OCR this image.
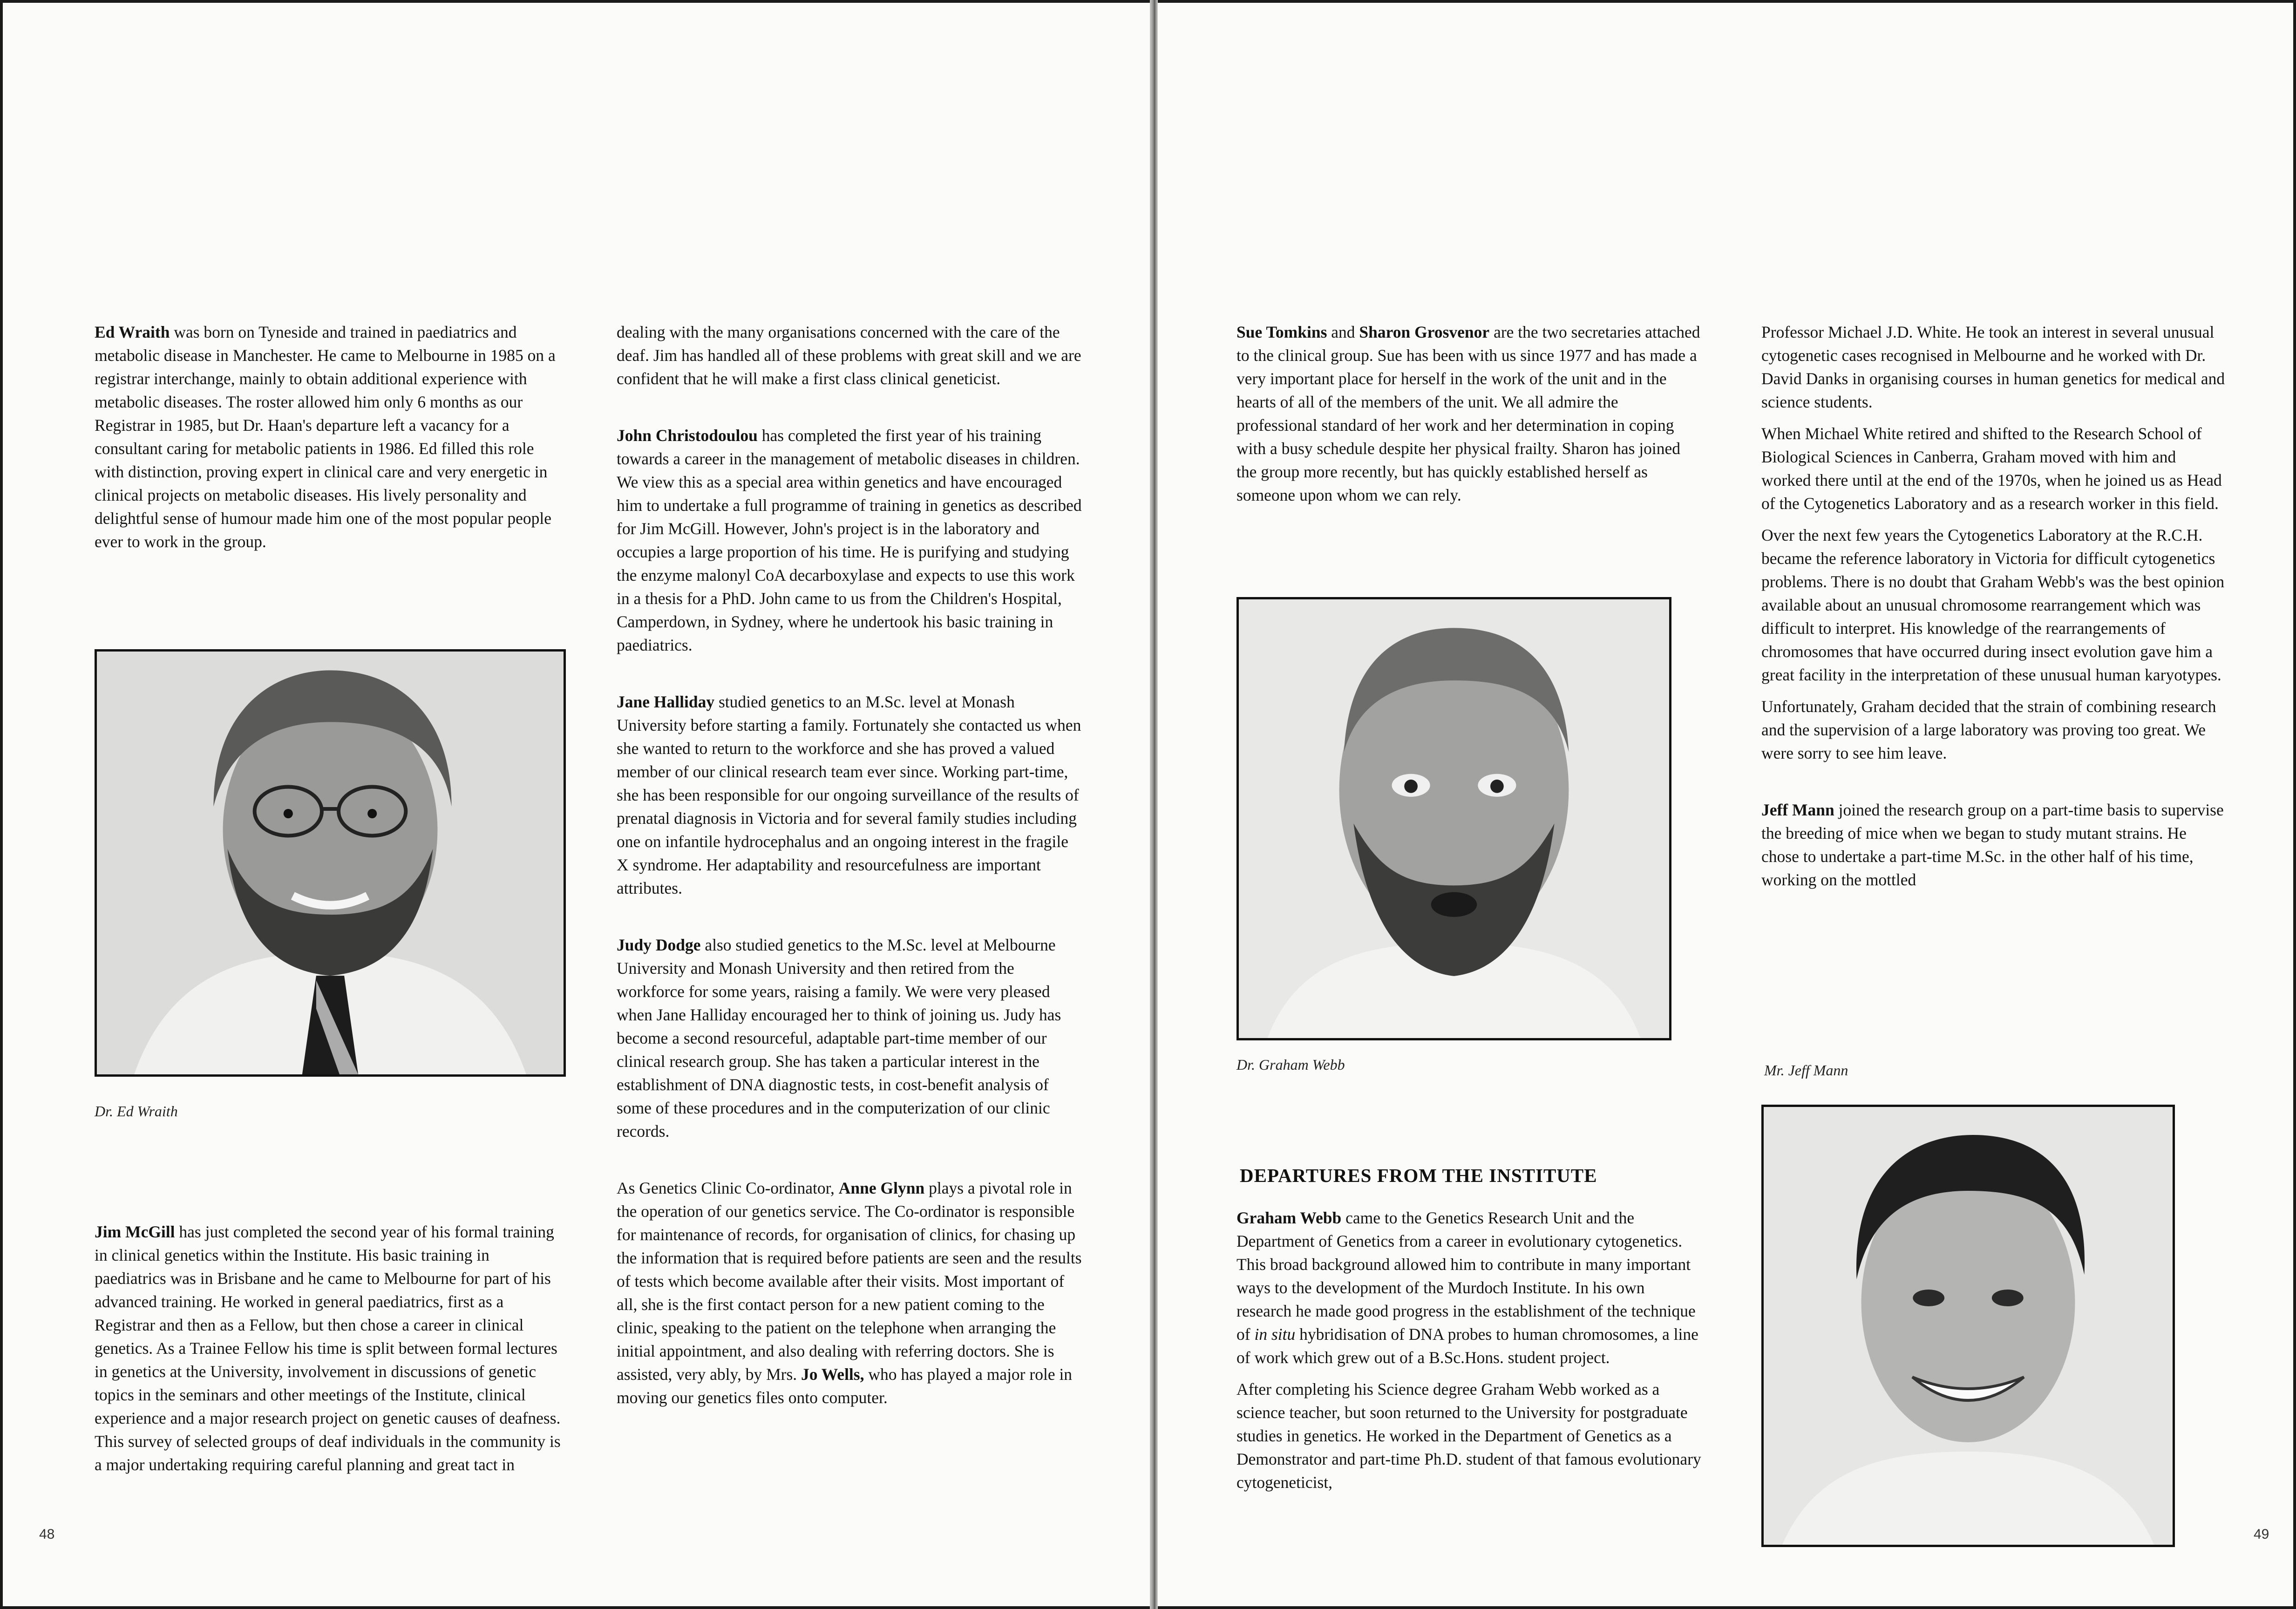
Ed Wraith was born on Tyneside and trained in paediatrics and metabolic disease in Manchester. He came to Melbourne in 1985 on a registrar interchange, mainly to obtain additional experience with metabolic diseases. The roster allowed him only 6 months as our Registrar in 1985, but Dr. Haan's departure left a vacancy for a consultant caring for metabolic patients in 1986. Ed filled this role with distinction, proving expert in clinical care and very energetic in clinical projects on metabolic diseases. His lively personality and delightful sense of humour made him one of the most popular people ever to work in the group.

Dr. Ed Wraith

Jim McGill has just completed the second year of his formal training in clinical genetics within the Institute. His basic training in paediatrics was in Brisbane and he came to Melbourne for part of his advanced training. He worked in general paediatrics, first as a Registrar and then as a Fellow, but then chose a career in clinical genetics. As a Trainee Fellow his time is split between formal lectures in genetics at the University, involvement in discussions of genetic topics in the seminars and other meetings of the Institute, clinical experience and a major research project on genetic causes of deafness. This survey of selected groups of deaf individuals in the community is a major undertaking requiring careful planning and great tact in

dealing with the many organisations concerned with the care of the deaf. Jim has handled all of these problems with great skill and we are confident that he will make a first class clinical geneticist.

John Christodoulou has completed the first year of his training towards a career in the management of metabolic diseases in children. We view this as a special area within genetics and have encouraged him to undertake a full programme of training in genetics as described for Jim McGill. However, John's project is in the laboratory and occupies a large proportion of his time. He is purifying and studying the enzyme malonyl CoA decarboxylase and expects to use this work in a thesis for a PhD. John came to us from the Children's Hospital, Camperdown, in Sydney, where he undertook his basic training in paediatrics.

Jane Halliday studied genetics to an M.Sc. level at Monash University before starting a family. Fortunately she contacted us when she wanted to return to the workforce and she has proved a valued member of our clinical research team ever since. Working part-time, she has been responsible for our ongoing surveillance of the results of prenatal diagnosis in Victoria and for several family studies including one on infantile hydrocephalus and an ongoing interest in the fragile X syndrome. Her adaptability and resourcefulness are important attributes.

Judy Dodge also studied genetics to the M.Sc. level at Melbourne University and Monash University and then retired from the workforce for some years, raising a family. We were very pleased when Jane Halliday encouraged her to think of joining us. Judy has become a second resourceful, adaptable part-time member of our clinical research group. She has taken a particular interest in the establishment of DNA diagnostic tests, in cost-benefit analysis of some of these procedures and in the computerization of our clinic records.

As Genetics Clinic Co-ordinator, Anne Glynn plays a pivotal role in the operation of our genetics service. The Co-ordinator is responsible for maintenance of records, for organisation of clinics, for chasing up the information that is required before patients are seen and the results of tests which become available after their visits. Most important of all, she is the first contact person for a new patient coming to the clinic, speaking to the patient on the telephone when arranging the initial appointment, and also dealing with referring doctors. She is assisted, very ably, by Mrs. Jo Wells, who has played a major role in moving our genetics files onto computer.

48

Sue Tomkins and Sharon Grosvenor are the two secretaries attached to the clinical group. Sue has been with us since 1977 and has made a very important place for herself in the work of the unit and in the hearts of all of the members of the unit. We all admire the professional standard of her work and her determination in coping with a busy schedule despite her physical frailty. Sharon has joined the group more recently, but has quickly established herself as someone upon whom we can rely.

Dr. Graham Webb
DEPARTURES FROM THE INSTITUTE

Graham Webb came to the Genetics Research Unit and the Department of Genetics from a career in evolutionary cytogenetics. This broad background allowed him to contribute in many important ways to the development of the Murdoch Institute. In his own research he made good progress in the establishment of the technique of in situ hybridisation of DNA probes to human chromosomes, a line of work which grew out of a B.Sc.Hons. student project.

After completing his Science degree Graham Webb worked as a science teacher, but soon returned to the University for postgraduate studies in genetics. He worked in the Department of Genetics as a Demonstrator and part-time Ph.D. student of that famous evolutionary cytogeneticist,

Professor Michael J.D. White. He took an interest in several unusual cytogenetic cases recognised in Melbourne and he worked with Dr. David Danks in organising courses in human genetics for medical and science students.

When Michael White retired and shifted to the Research School of Biological Sciences in Canberra, Graham moved with him and worked there until at the end of the 1970s, when he joined us as Head of the Cytogenetics Laboratory and as a research worker in this field.

Over the next few years the Cytogenetics Laboratory at the R.C.H. became the reference laboratory in Victoria for difficult cytogenetics problems. There is no doubt that Graham Webb's was the best opinion available about an unusual chromosome rearrangement which was difficult to interpret. His knowledge of the rearrangements of chromosomes that have occurred during insect evolution gave him a great facility in the interpretation of these unusual human karyotypes.

Unfortunately, Graham decided that the strain of combining research and the supervision of a large laboratory was proving too great. We were sorry to see him leave.

Jeff Mann joined the research group on a part-time basis to supervise the breeding of mice when we began to study mutant strains. He chose to undertake a part-time M.Sc. in the other half of his time, working on the mottled

Mr. Jeff Mann
49
